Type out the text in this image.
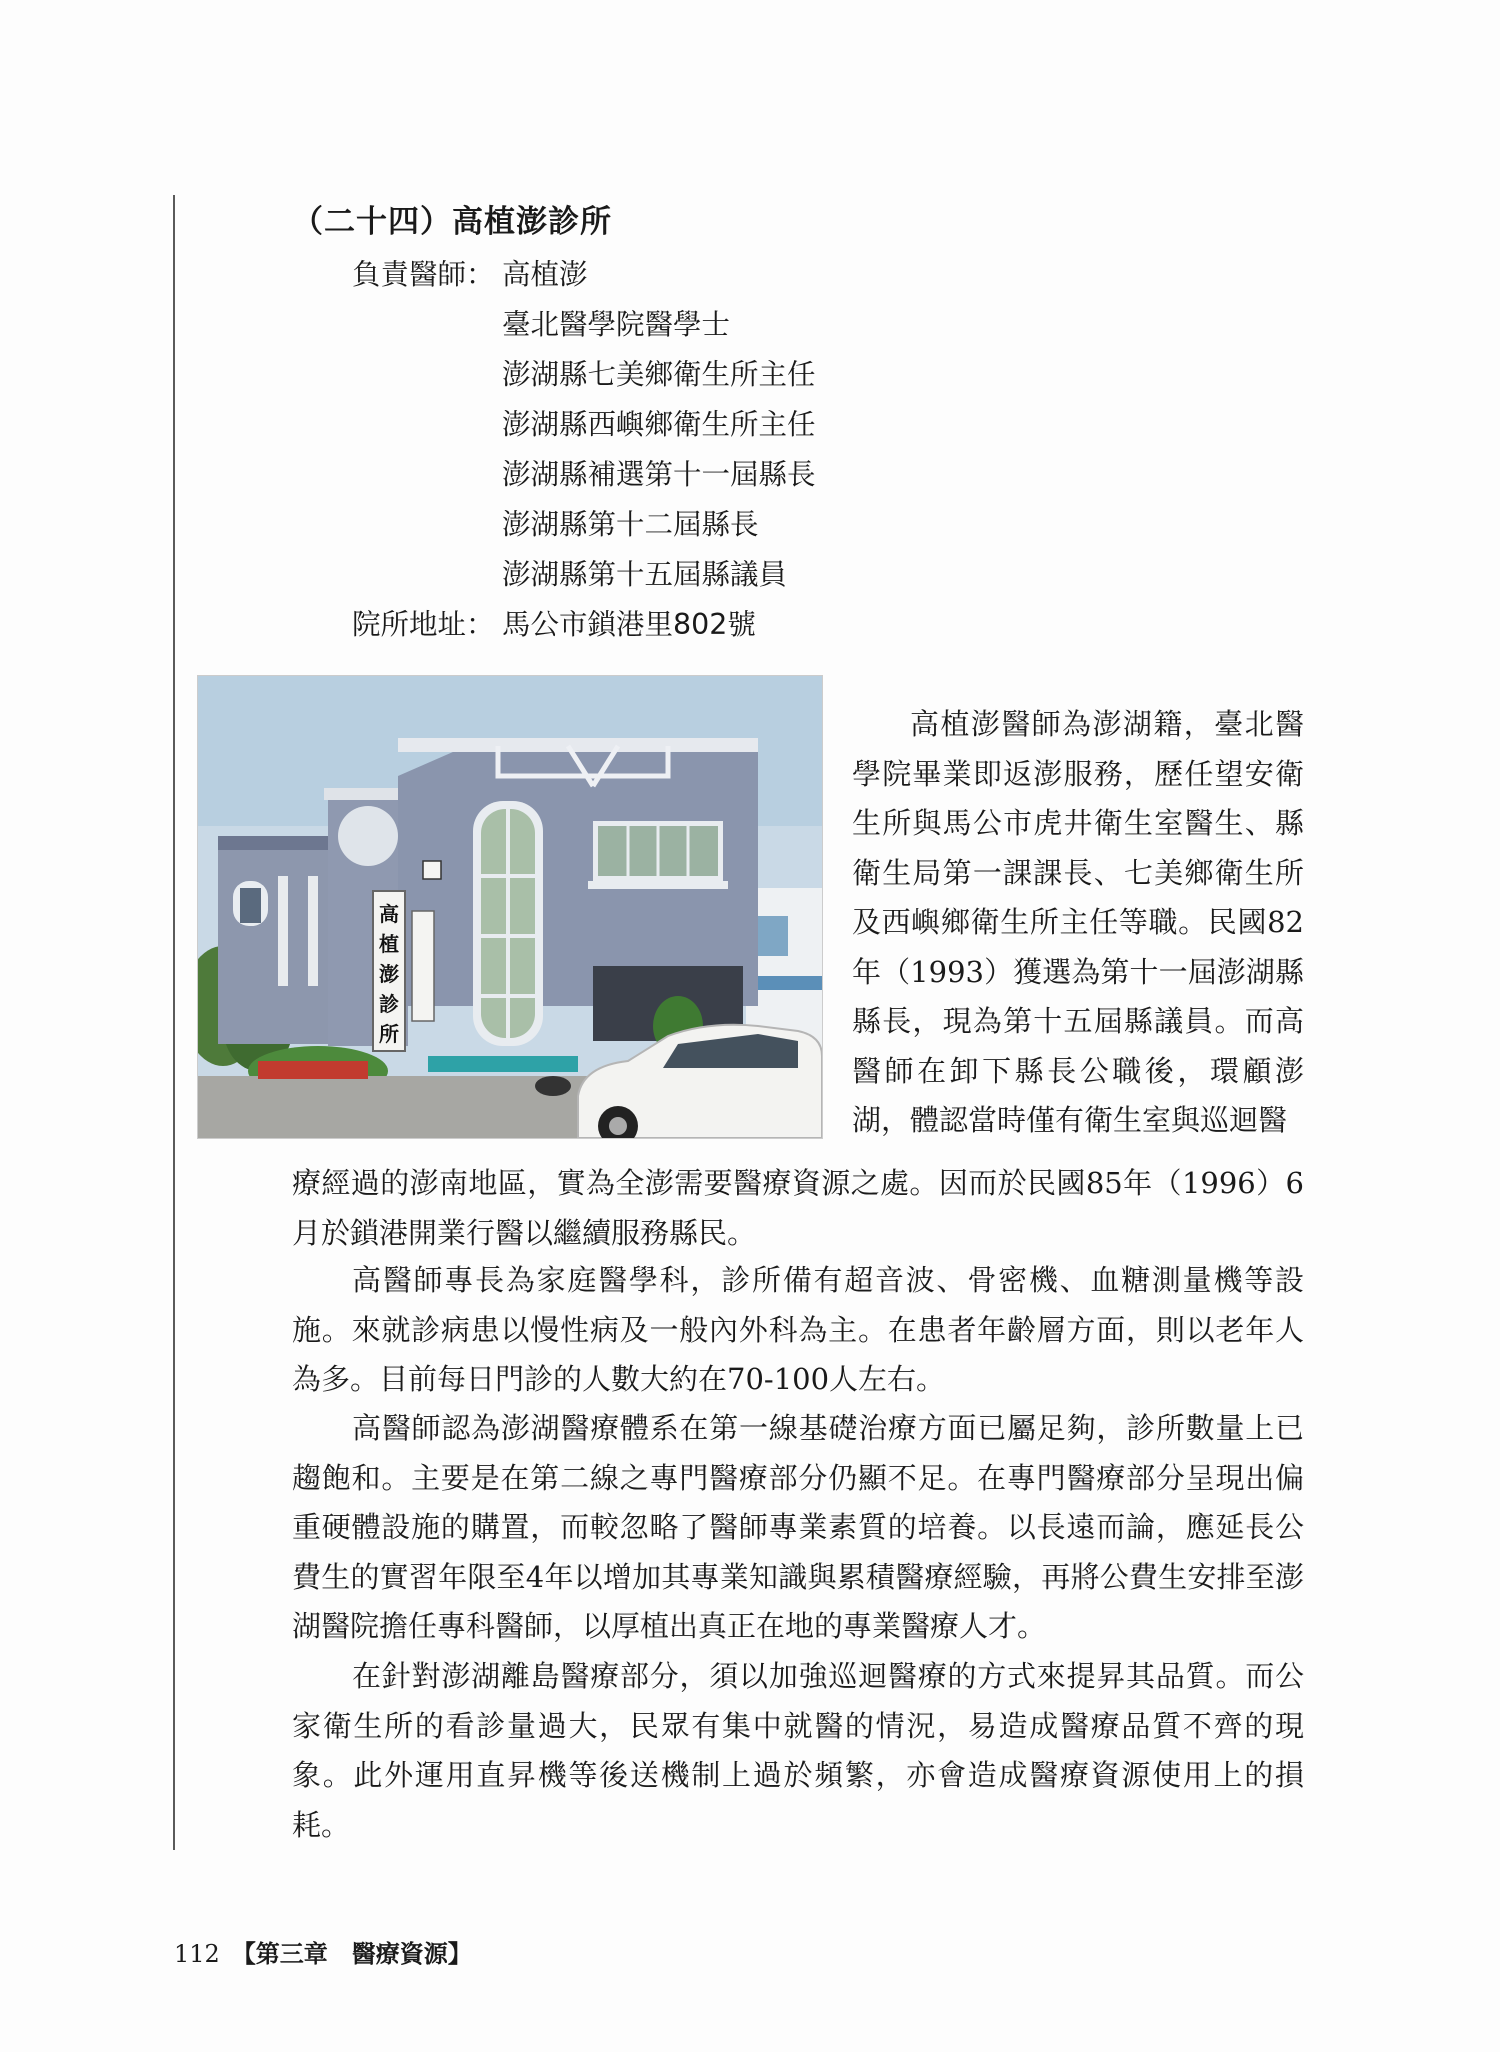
（二十四）高植澎診所
負責醫師： 高植澎
臺北醫學院醫學士
澎湖縣七美鄉衛生所主任
澎湖縣西嶼鄉衛生所主任
澎湖縣補選第十一屆縣長
澎湖縣第十二屆縣長
澎湖縣第十五屆縣議員
院所地址： 馬公市鎖港里802號
高
植
澎
診
所

高植澎醫師為澎湖籍，臺北醫學院畢業即返澎服務，歷任望安衛生所與馬公市虎井衛生室醫生、縣衛生局第一課課長、七美鄉衛生所及西嶼鄉衛生所主任等職。民國82年（1993）獲選為第十一屆澎湖縣縣長，現為第十五屆縣議員。而高醫師在卸下縣長公職後，環顧澎湖，體認當時僅有衛生室與巡迴醫

療經過的澎南地區，實為全澎需要醫療資源之處。因而於民國85年（1996）6月於鎖港開業行醫以繼續服務縣民。

高醫師專長為家庭醫學科，診所備有超音波、骨密機、血糖測量機等設施。來就診病患以慢性病及一般內外科為主。在患者年齡層方面，則以老年人為多。目前每日門診的人數大約在70-100人左右。

高醫師認為澎湖醫療體系在第一線基礎治療方面已屬足夠，診所數量上已趨飽和。主要是在第二線之專門醫療部分仍顯不足。在專門醫療部分呈現出偏重硬體設施的購置，而較忽略了醫師專業素質的培養。以長遠而論，應延長公費生的實習年限至4年以增加其專業知識與累積醫療經驗，再將公費生安排至澎湖醫院擔任專科醫師，以厚植出真正在地的專業醫療人才。

在針對澎湖離島醫療部分，須以加強巡迴醫療的方式來提昇其品質。而公家衛生所的看診量過大，民眾有集中就醫的情況，易造成醫療品質不齊的現象。此外運用直昇機等後送機制上過於頻繁，亦會造成醫療資源使用上的損耗。

112 【第三章　醫療資源】
